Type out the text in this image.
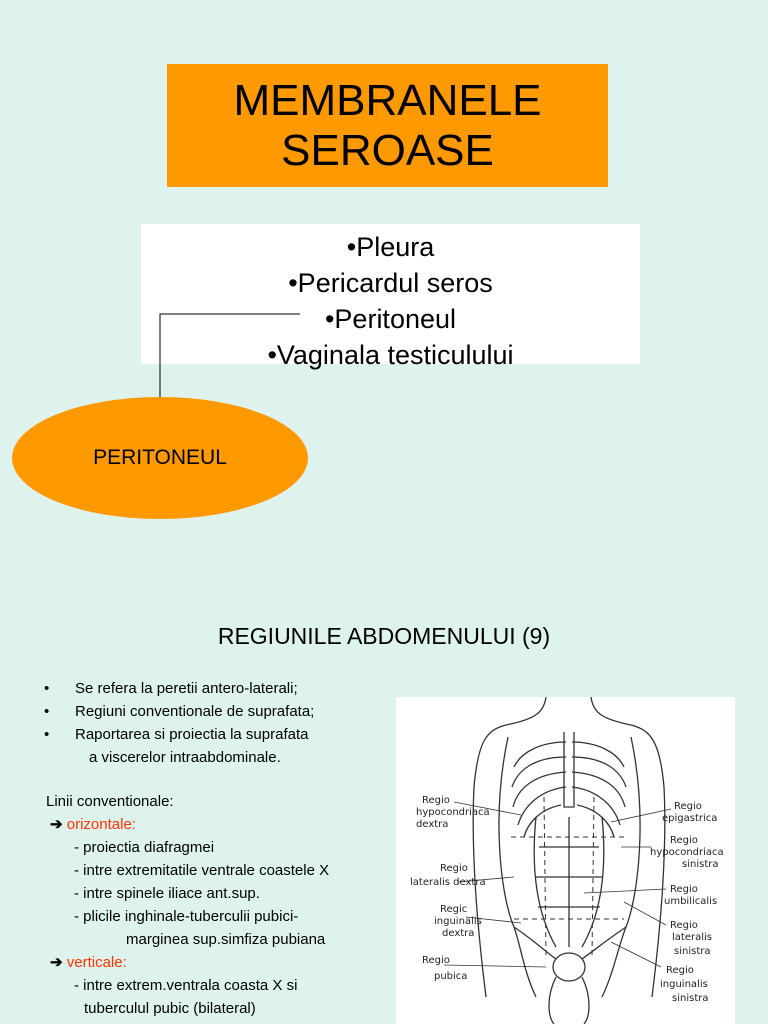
MEMBRANELE
SEROASE
•Pleura
•Pericardul seros
•Peritoneul
•Vaginala testiculului
PERITONEUL
REGIUNILE ABDOMENULUI (9)
• Se refera la peretii antero-laterali;
• Regiuni conventionale de suprafata;
• Raportarea si proiectia la suprafata
a viscerelor intraabdominale.
Linii conventionale:
➔ orizontale:
- proiectia diafragmei
- intre extremitatile ventrale coastele X
- intre spinele iliace ant.sup.
- plicile inghinale-tuberculii pubici-
marginea sup.simfiza pubiana
➔ verticale:
- intre extrem.ventrala coasta X si
tuberculul pubic (bilateral)
Regio hypocondriaca dextra
Regio lateralis dextra
Regic inguinalis dextra
Regio pubica
Regio epigastrica
Regio hypocondriaca sinistra
Regio umbilicalis
Regio lateralis sinistra
Regio inguinalis sinistra
